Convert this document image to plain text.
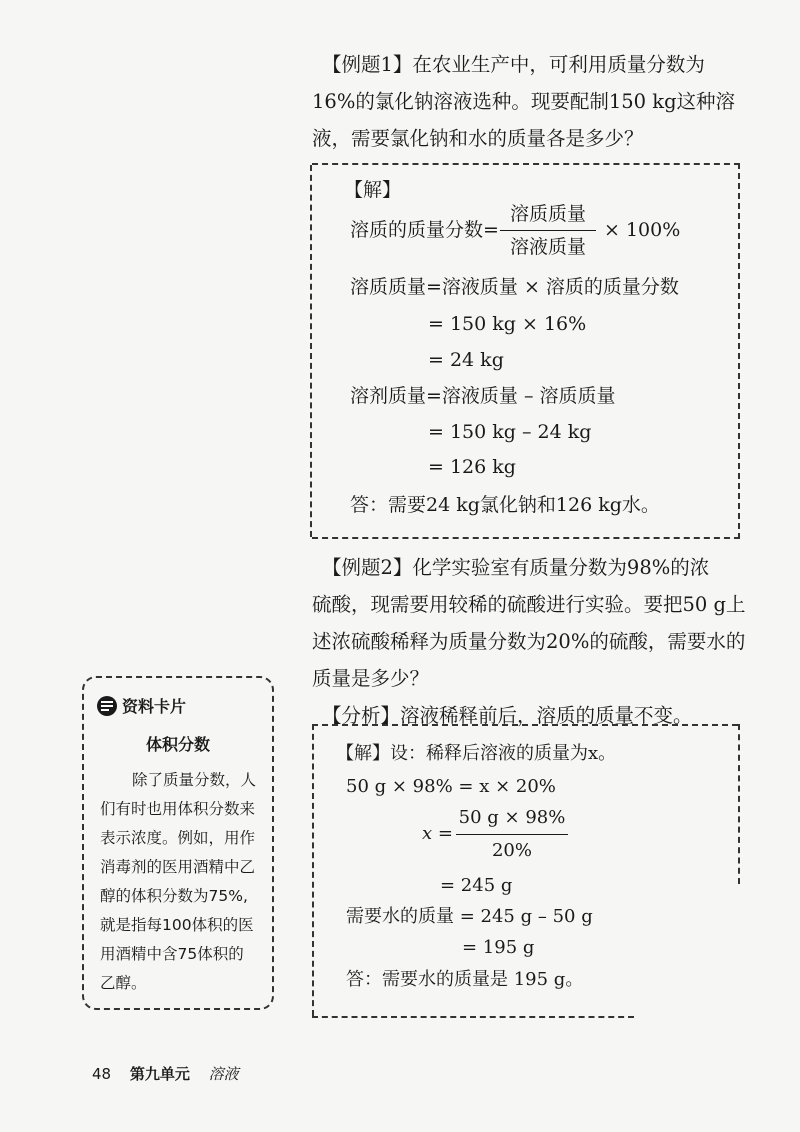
【例题1】在农业生产中，可利用质量分数为
16%的氯化钠溶液选种。现要配制150 kg这种溶
液，需要氯化钠和水的质量各是多少？
【解】
溶质的质量分数=
溶质质量
溶液质量
× 100%
溶质质量=溶液质量 × 溶质的质量分数
= 150 kg × 16%
= 24 kg
溶剂质量=溶液质量 – 溶质质量
= 150 kg – 24 kg
= 126 kg
答：需要24 kg氯化钠和126 kg水。
【例题2】化学实验室有质量分数为98%的浓
硫酸，现需要用较稀的硫酸进行实验。要把50 g上
述浓硫酸稀释为质量分数为20%的硫酸，需要水的
质量是多少？
【分析】溶液稀释前后，溶质的质量不变。
【解】设：稀释后溶液的质量为x。
50 g × 98% = x × 20%
x =
50 g × 98%
20%
= 245 g
需要水的质量 = 245 g – 50 g
= 195 g
答：需要水的质量是 195 g。
资料卡片
体积分数
除了质量分数，人
们有时也用体积分数来
表示浓度。例如，用作
消毒剂的医用酒精中乙
醇的体积分数为75%,
就是指每100体积的医
用酒精中含75体积的
乙醇。
48 第九单元 溶液
